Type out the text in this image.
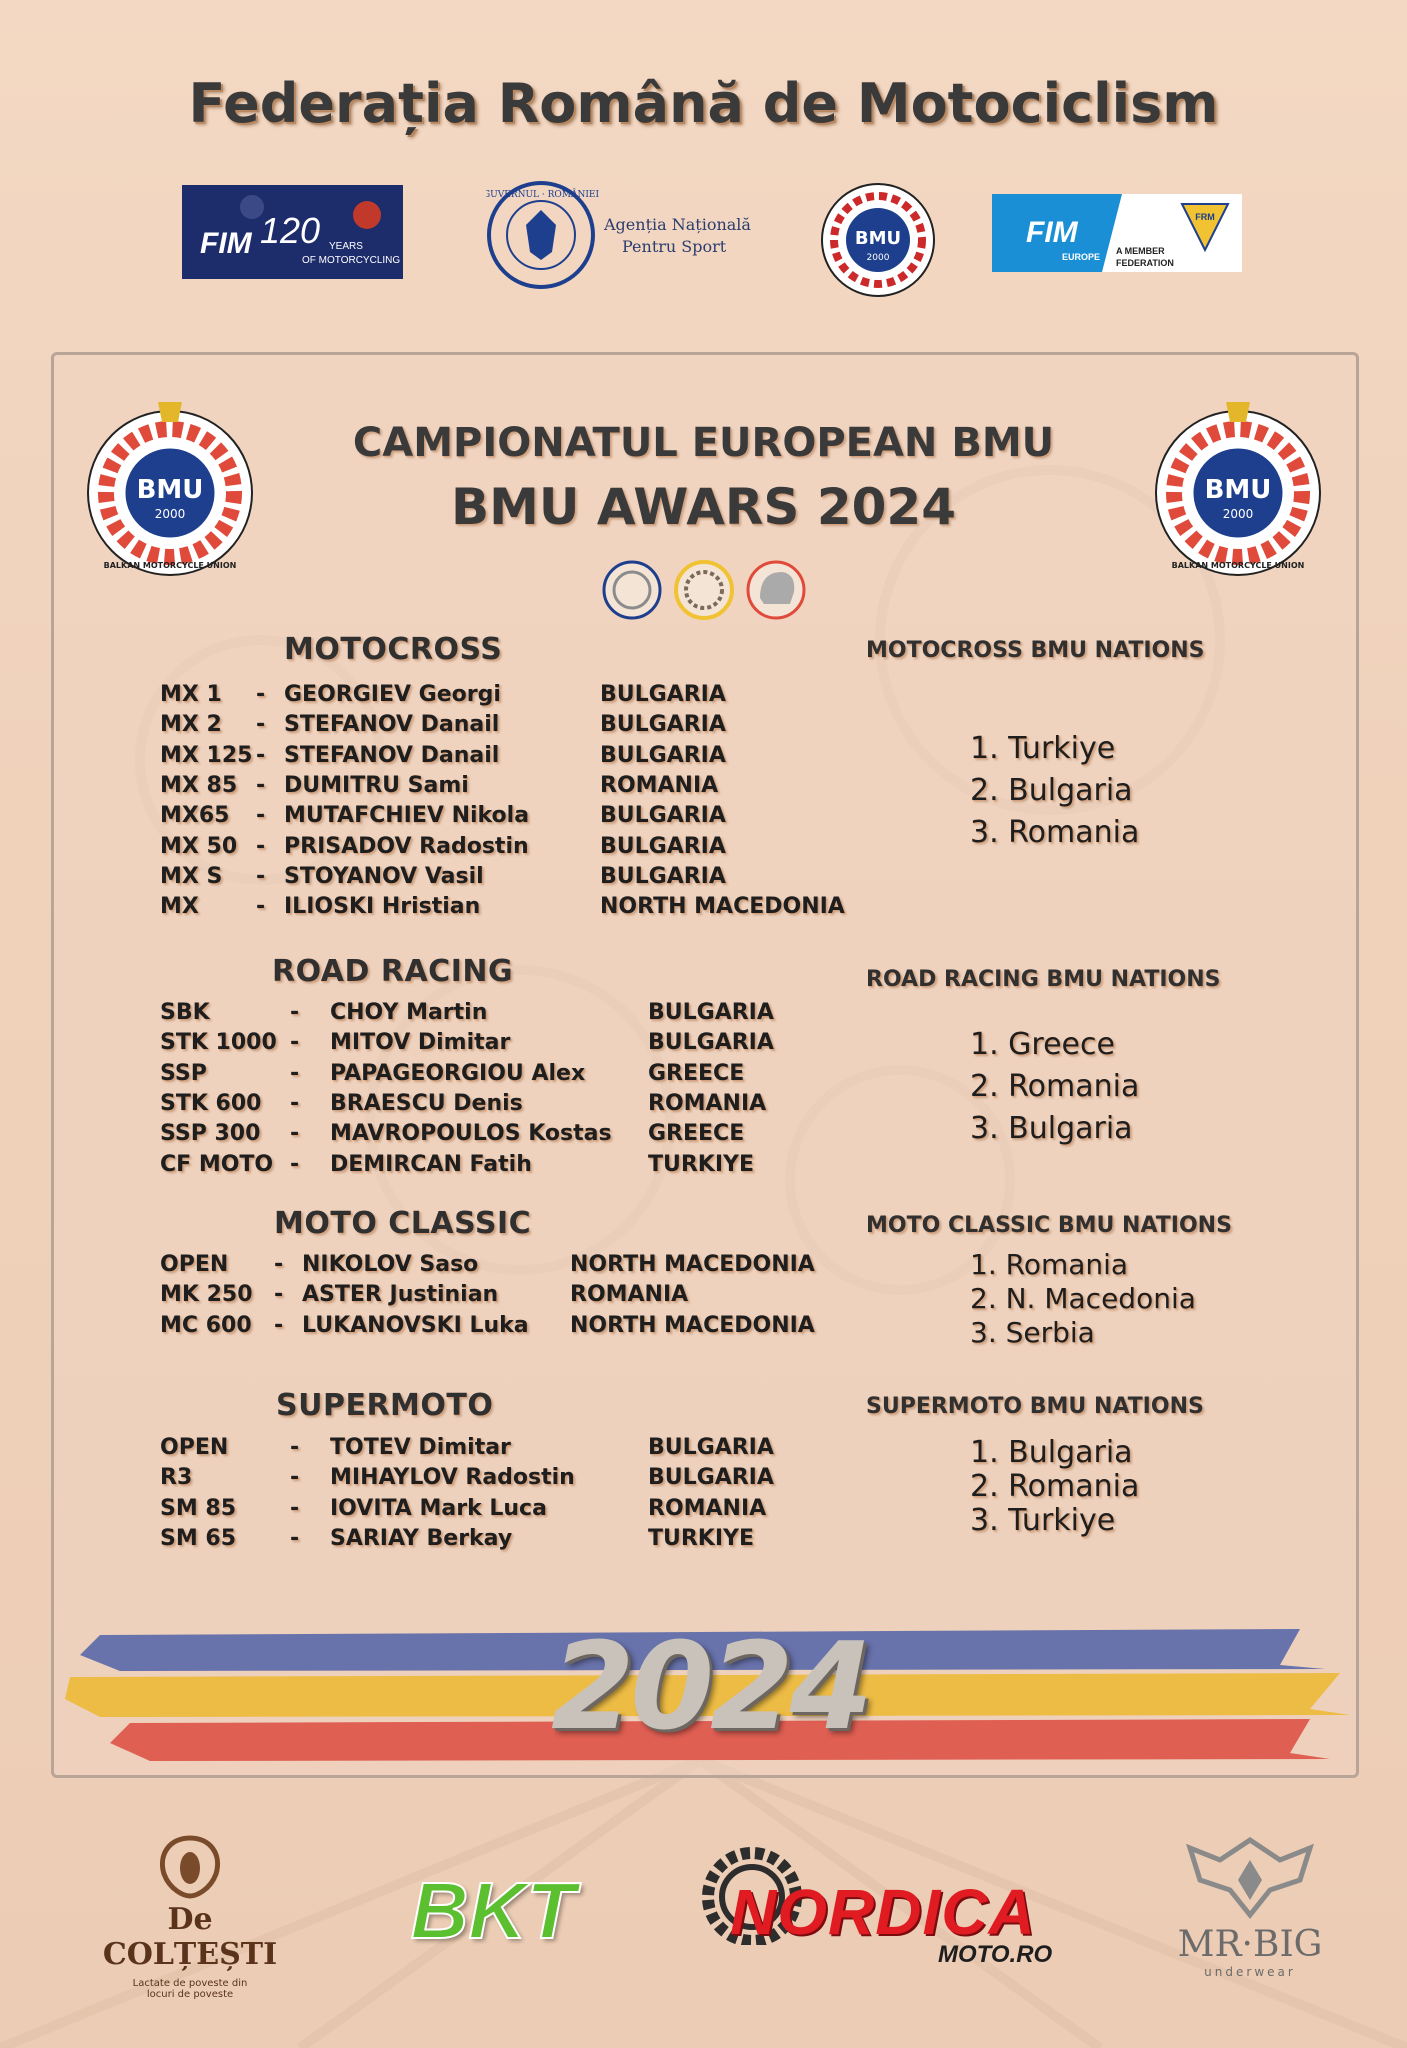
Federația Română de Motociclism
FIM 120 YEARS
OF MOTORCYCLING
GUVERNUL · ROMÂNIEI
Agenția Națională
Pentru Sport	BMU
2000
FIM
EUROPE
A MEMBER
FEDERATION
FRM
BMU
2000
BALKAN MOTORCYCLE UNION
BMU
2000
BALKAN MOTORCYCLE UNION
CAMPIONATUL EUROPEAN BMU
BMU AWARS 2024
MOTOCROSS	MOTOCROSS BMU NATIONS
MX 1	-	GEORGIEV Georgi	BULGARIA
MX 2	-	STEFANOV Danail	BULGARIA
MX 125	-	STEFANOV Danail	BULGARIA
MX 85	-	DUMITRU Sami	ROMANIA
MX65	-	MUTAFCHIEV Nikola	BULGARIA
MX 50	-	PRISADOV Radostin	BULGARIA
MX S	-	STOYANOV Vasil	BULGARIA
MX	-	ILIOSKI Hristian	NORTH MACEDONIA
1. Turkiye
2. Bulgaria
3. Romania
ROAD RACING	ROAD RACING BMU NATIONS
SBK	-	CHOY Martin	BULGARIA
STK 1000	-	MITOV Dimitar	BULGARIA
SSP	-	PAPAGEORGIOU Alex	GREECE
STK 600	-	BRAESCU Denis	ROMANIA
SSP 300	-	MAVROPOULOS Kostas	GREECE
CF MOTO	-	DEMIRCAN Fatih	TURKIYE
1. Greece
2. Romania
3. Bulgaria
MOTO CLASSIC	MOTO CLASSIC BMU NATIONS
OPEN	-	NIKOLOV Saso	NORTH MACEDONIA
MK 250	-	ASTER Justinian	ROMANIA
MC 600	-	LUKANOVSKI Luka	NORTH MACEDONIA
1. Romania
2. N. Macedonia
3. Serbia
SUPERMOTO	SUPERMOTO BMU NATIONS
OPEN	-	TOTEV Dimitar	BULGARIA
R3	-	MIHAYLOV Radostin	BULGARIA
SM 85	-	IOVITA Mark Luca	ROMANIA
SM 65	-	SARIAY Berkay	TURKIYE
1. Bulgaria
2. Romania
3. Turkiye
2024
De COLȚEȘTI
Lactate de poveste din
locuri de poveste
BKT NORDICA
MOTO.RO	MR·BIG
underwear
